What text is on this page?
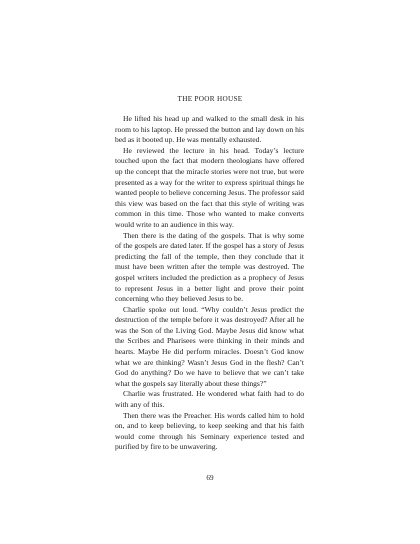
THE POOR HOUSE

He lifted his head up and walked to the small desk in his room to his laptop. He pressed the button and lay down on his bed as it booted up. He was mentally exhausted.

He reviewed the lecture in his head. Today’s lecture touched upon the fact that modern theologians have offered up the concept that the miracle stories were not true, but were presented as a way for the writer to express spiritual things he wanted people to believe concerning Jesus. The professor said this view was based on the fact that this style of writing was common in this time. Those who wanted to make converts would write to an audience in this way.

Then there is the dating of the gospels. That is why some of the gospels are dated later. If the gospel has a story of Jesus predicting the fall of the temple, then they conclude that it must have been written after the temple was destroyed. The gospel writers included the prediction as a prophecy of Jesus to represent Jesus in a better light and prove their point concerning who they believed Jesus to be.

Charlie spoke out loud. “Why couldn’t Jesus predict the destruction of the temple before it was destroyed? After all he was the Son of the Living God. Maybe Jesus did know what the Scribes and Pharisees were thinking in their minds and hearts. Maybe He did perform miracles. Doesn’t God know what we are thinking? Wasn’t Jesus God in the flesh? Can’t God do anything? Do we have to believe that we can’t take what the gospels say literally about these things?”

Charlie was frustrated. He wondered what faith had to do with any of this.

Then there was the Preacher. His words called him to hold on, and to keep believing, to keep seeking and that his faith would come through his Seminary experience tested and purified by fire to be unwavering.

69
